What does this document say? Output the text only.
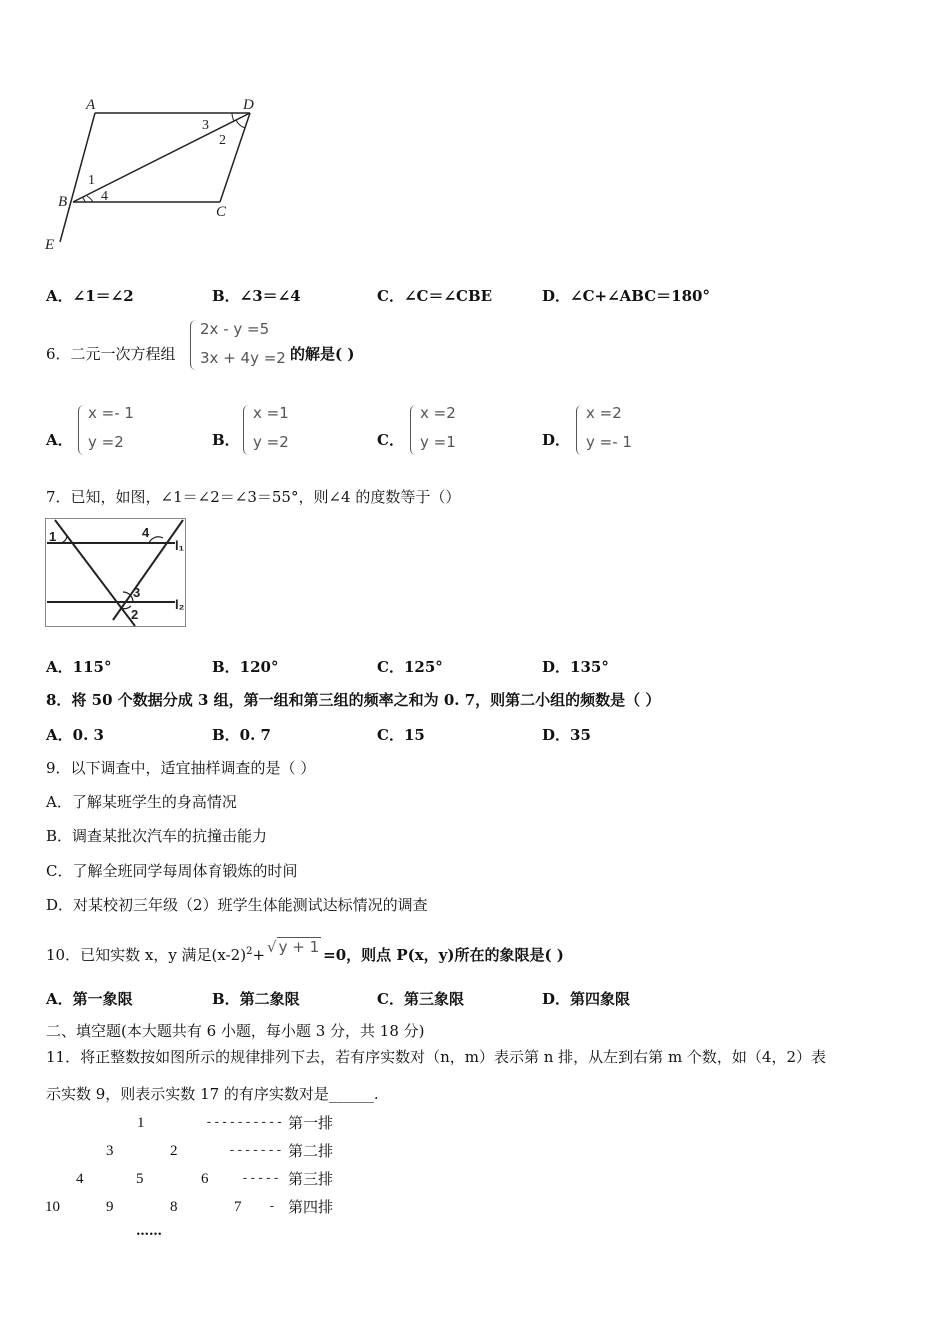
A	D
B
C
E
1
4
3
2
A．∠1＝∠2	B．∠3＝∠4	C．∠C＝∠CBE	D．∠C+∠ABC＝180°
6．二元一次方程组
2x - y =5
3x + 4y =2 的解是( )
A．
x =- 1
y =2	B．
x =1
y =2	C．
x =2
y =1	D．
x =2
y =- 1
7．已知，如图，∠1＝∠2＝∠3＝55°，则∠4 的度数等于（）
1	4
3
2
l₁
l₂
A．115°	B．120°	C．125°	D．135°
8．将 50 个数据分成 3 组，第一组和第三组的频率之和为 0. 7，则第二小组的频数是（ ）
A．0. 3	B．0. 7	C．15	D．35
9．以下调查中，适宜抽样调查的是（ ）
A．了解某班学生的身高情况
B．调查某批次汽车的抗撞击能力
C．了解全班同学每周体育锻炼的时间
D．对某校初三年级（2）班学生体能测试达标情况的调查
10．已知实数 x，y 满足$(x-2)^2+$ √ y + 1 =0，则点 P(x，y)所在的象限是( )
A．第一象限	B．第二象限	C．第三象限	D．第四象限
二、填空题(本大题共有 6 小题，每小题 3 分，共 18 分)
11．将正整数按如图所示的规律排列下去，若有序实数对（n，m）表示第 n 排，从左到右第 m 个数，如（4，2）表
示实数 9，则表示实数 17 的有序实数对是______.
1	---------- 第一排
3	2	------- 第二排
4	5	6	----- 第三排
10	9	8	7 - 第四排
……
